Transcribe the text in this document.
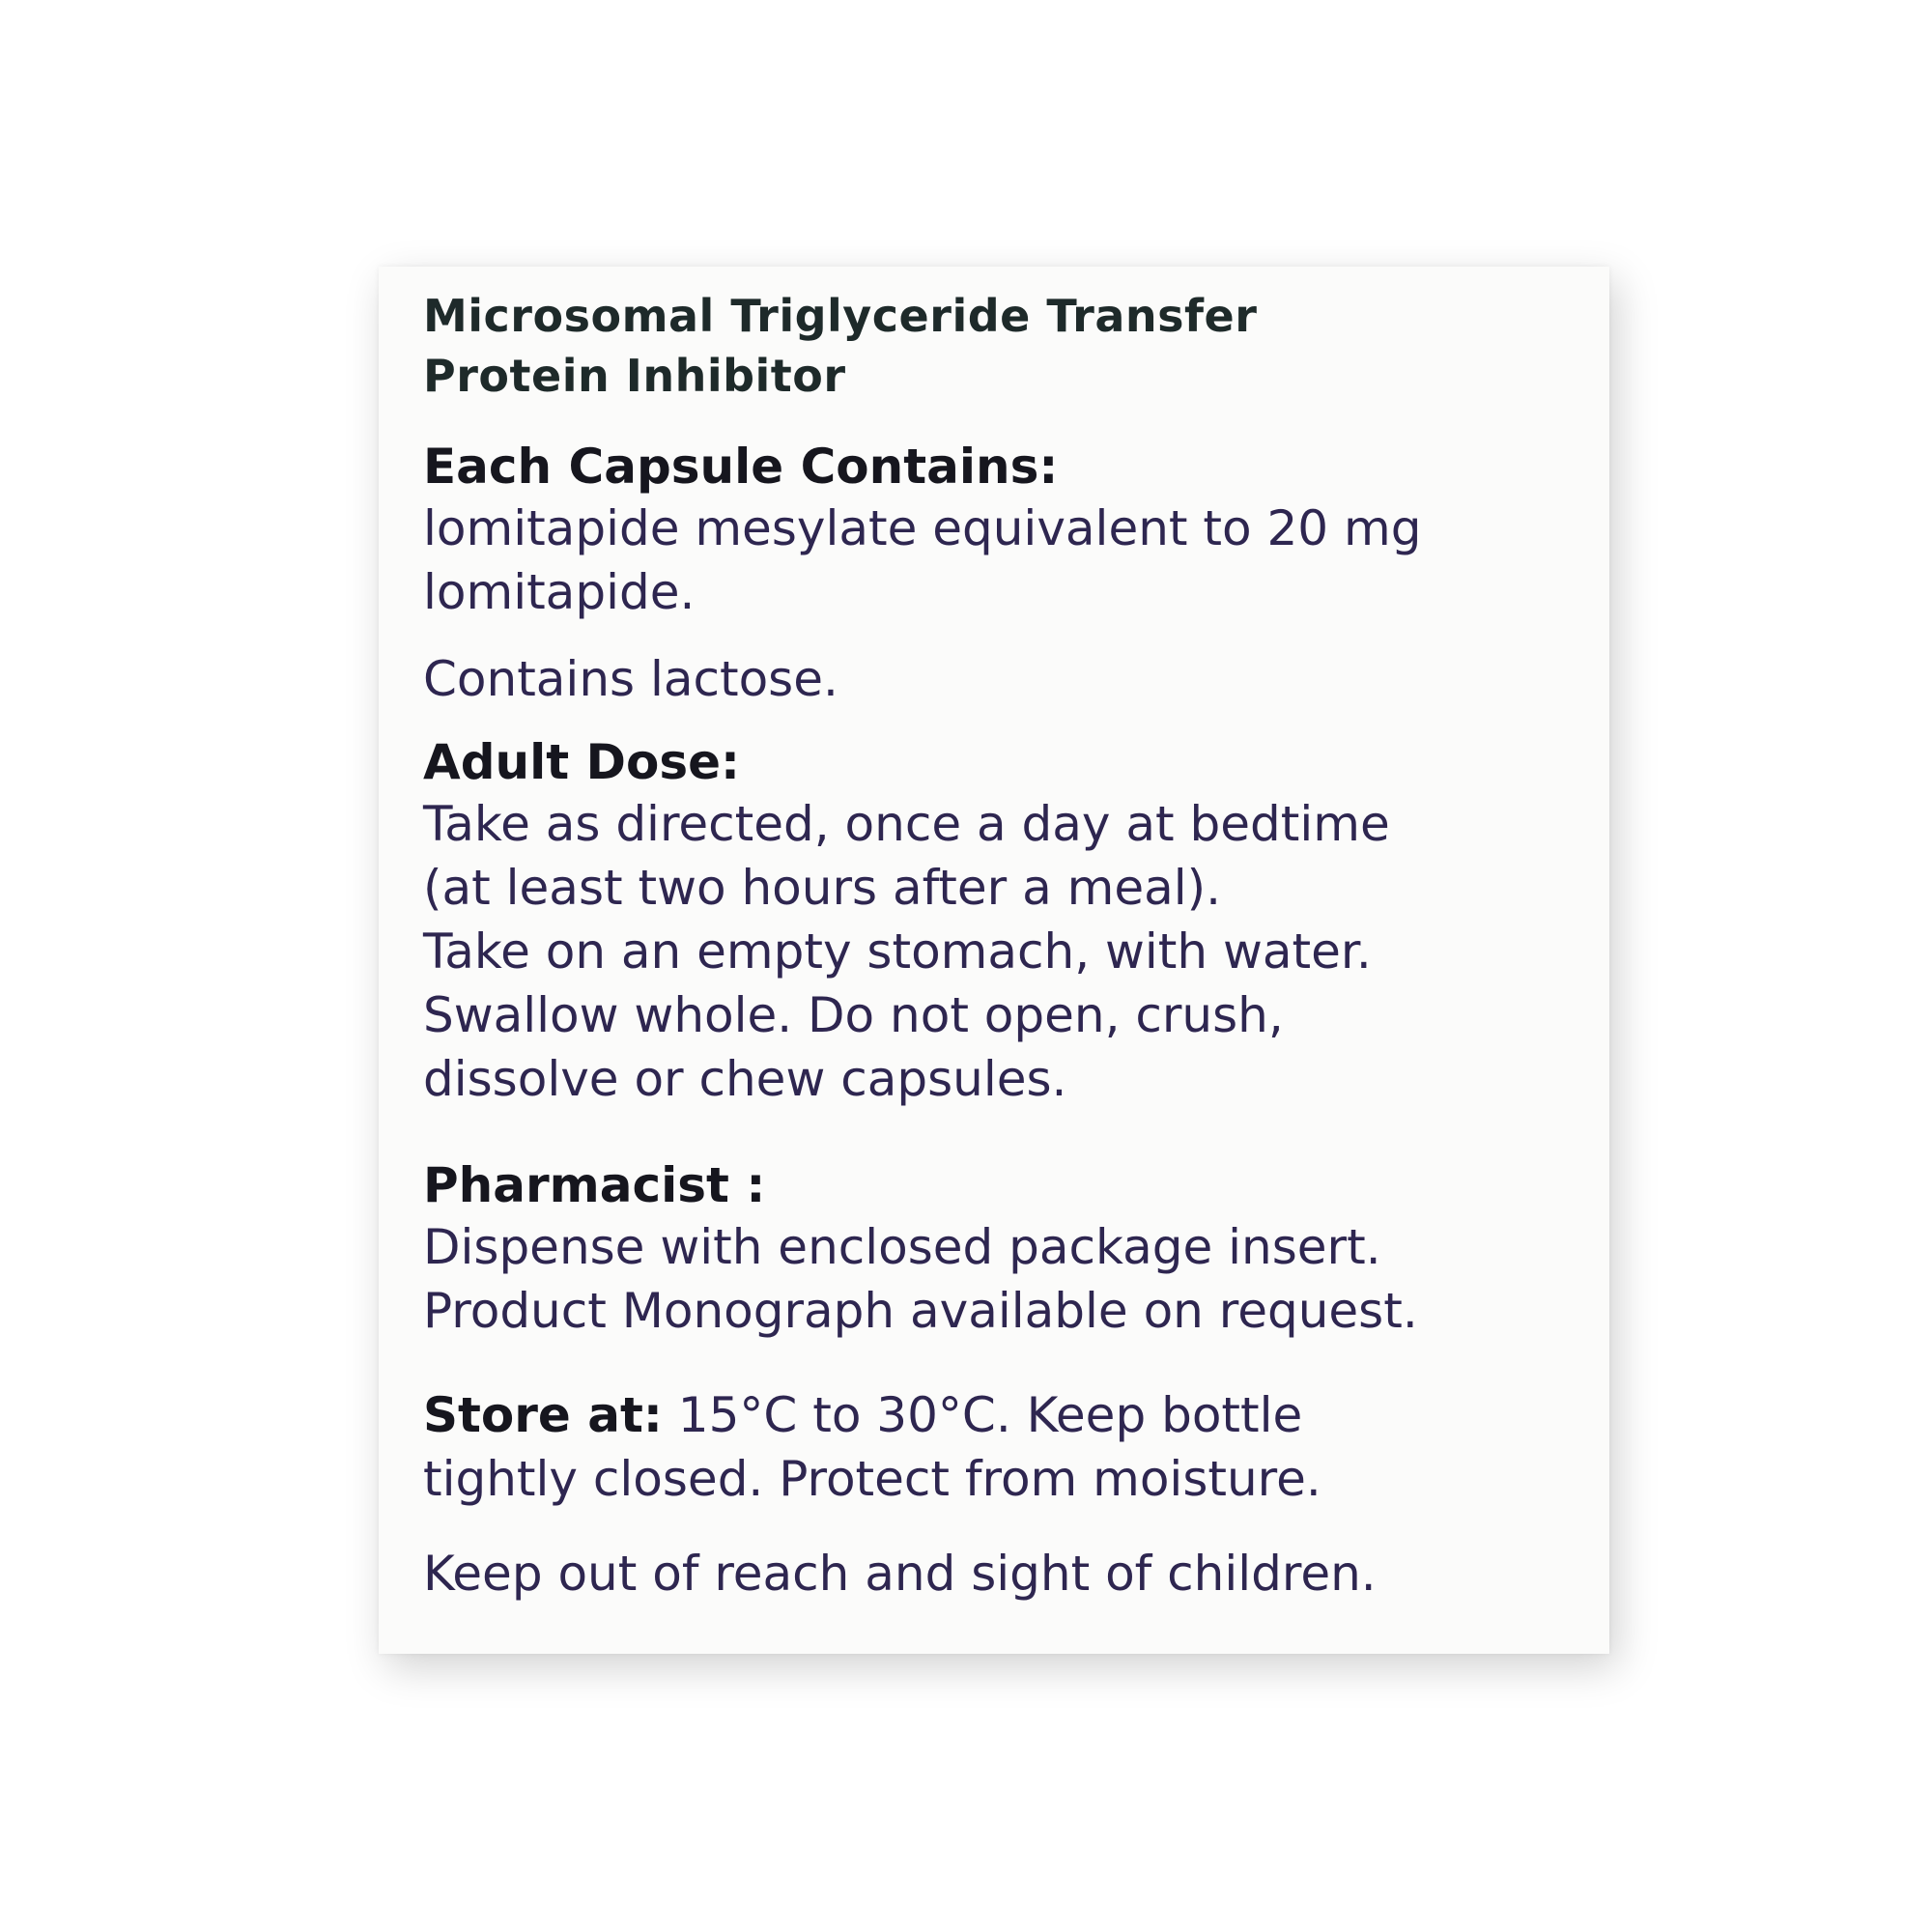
Microsomal Triglyceride Transfer

Protein Inhibitor

Each Capsule Contains:

lomitapide mesylate equivalent to 20 mg
lomitapide.

Contains lactose.

Adult Dose:

Take as directed, once a day at bedtime
(at least two hours after a meal).
Take on an empty stomach, with water.
Swallow whole. Do not open, crush,
dissolve or chew capsules.

Pharmacist :

Dispense with enclosed package insert.
Product Monograph available on request.

Store at: 15°C to 30°C. Keep bottle

tightly closed. Protect from moisture.

Keep out of reach and sight of children.
